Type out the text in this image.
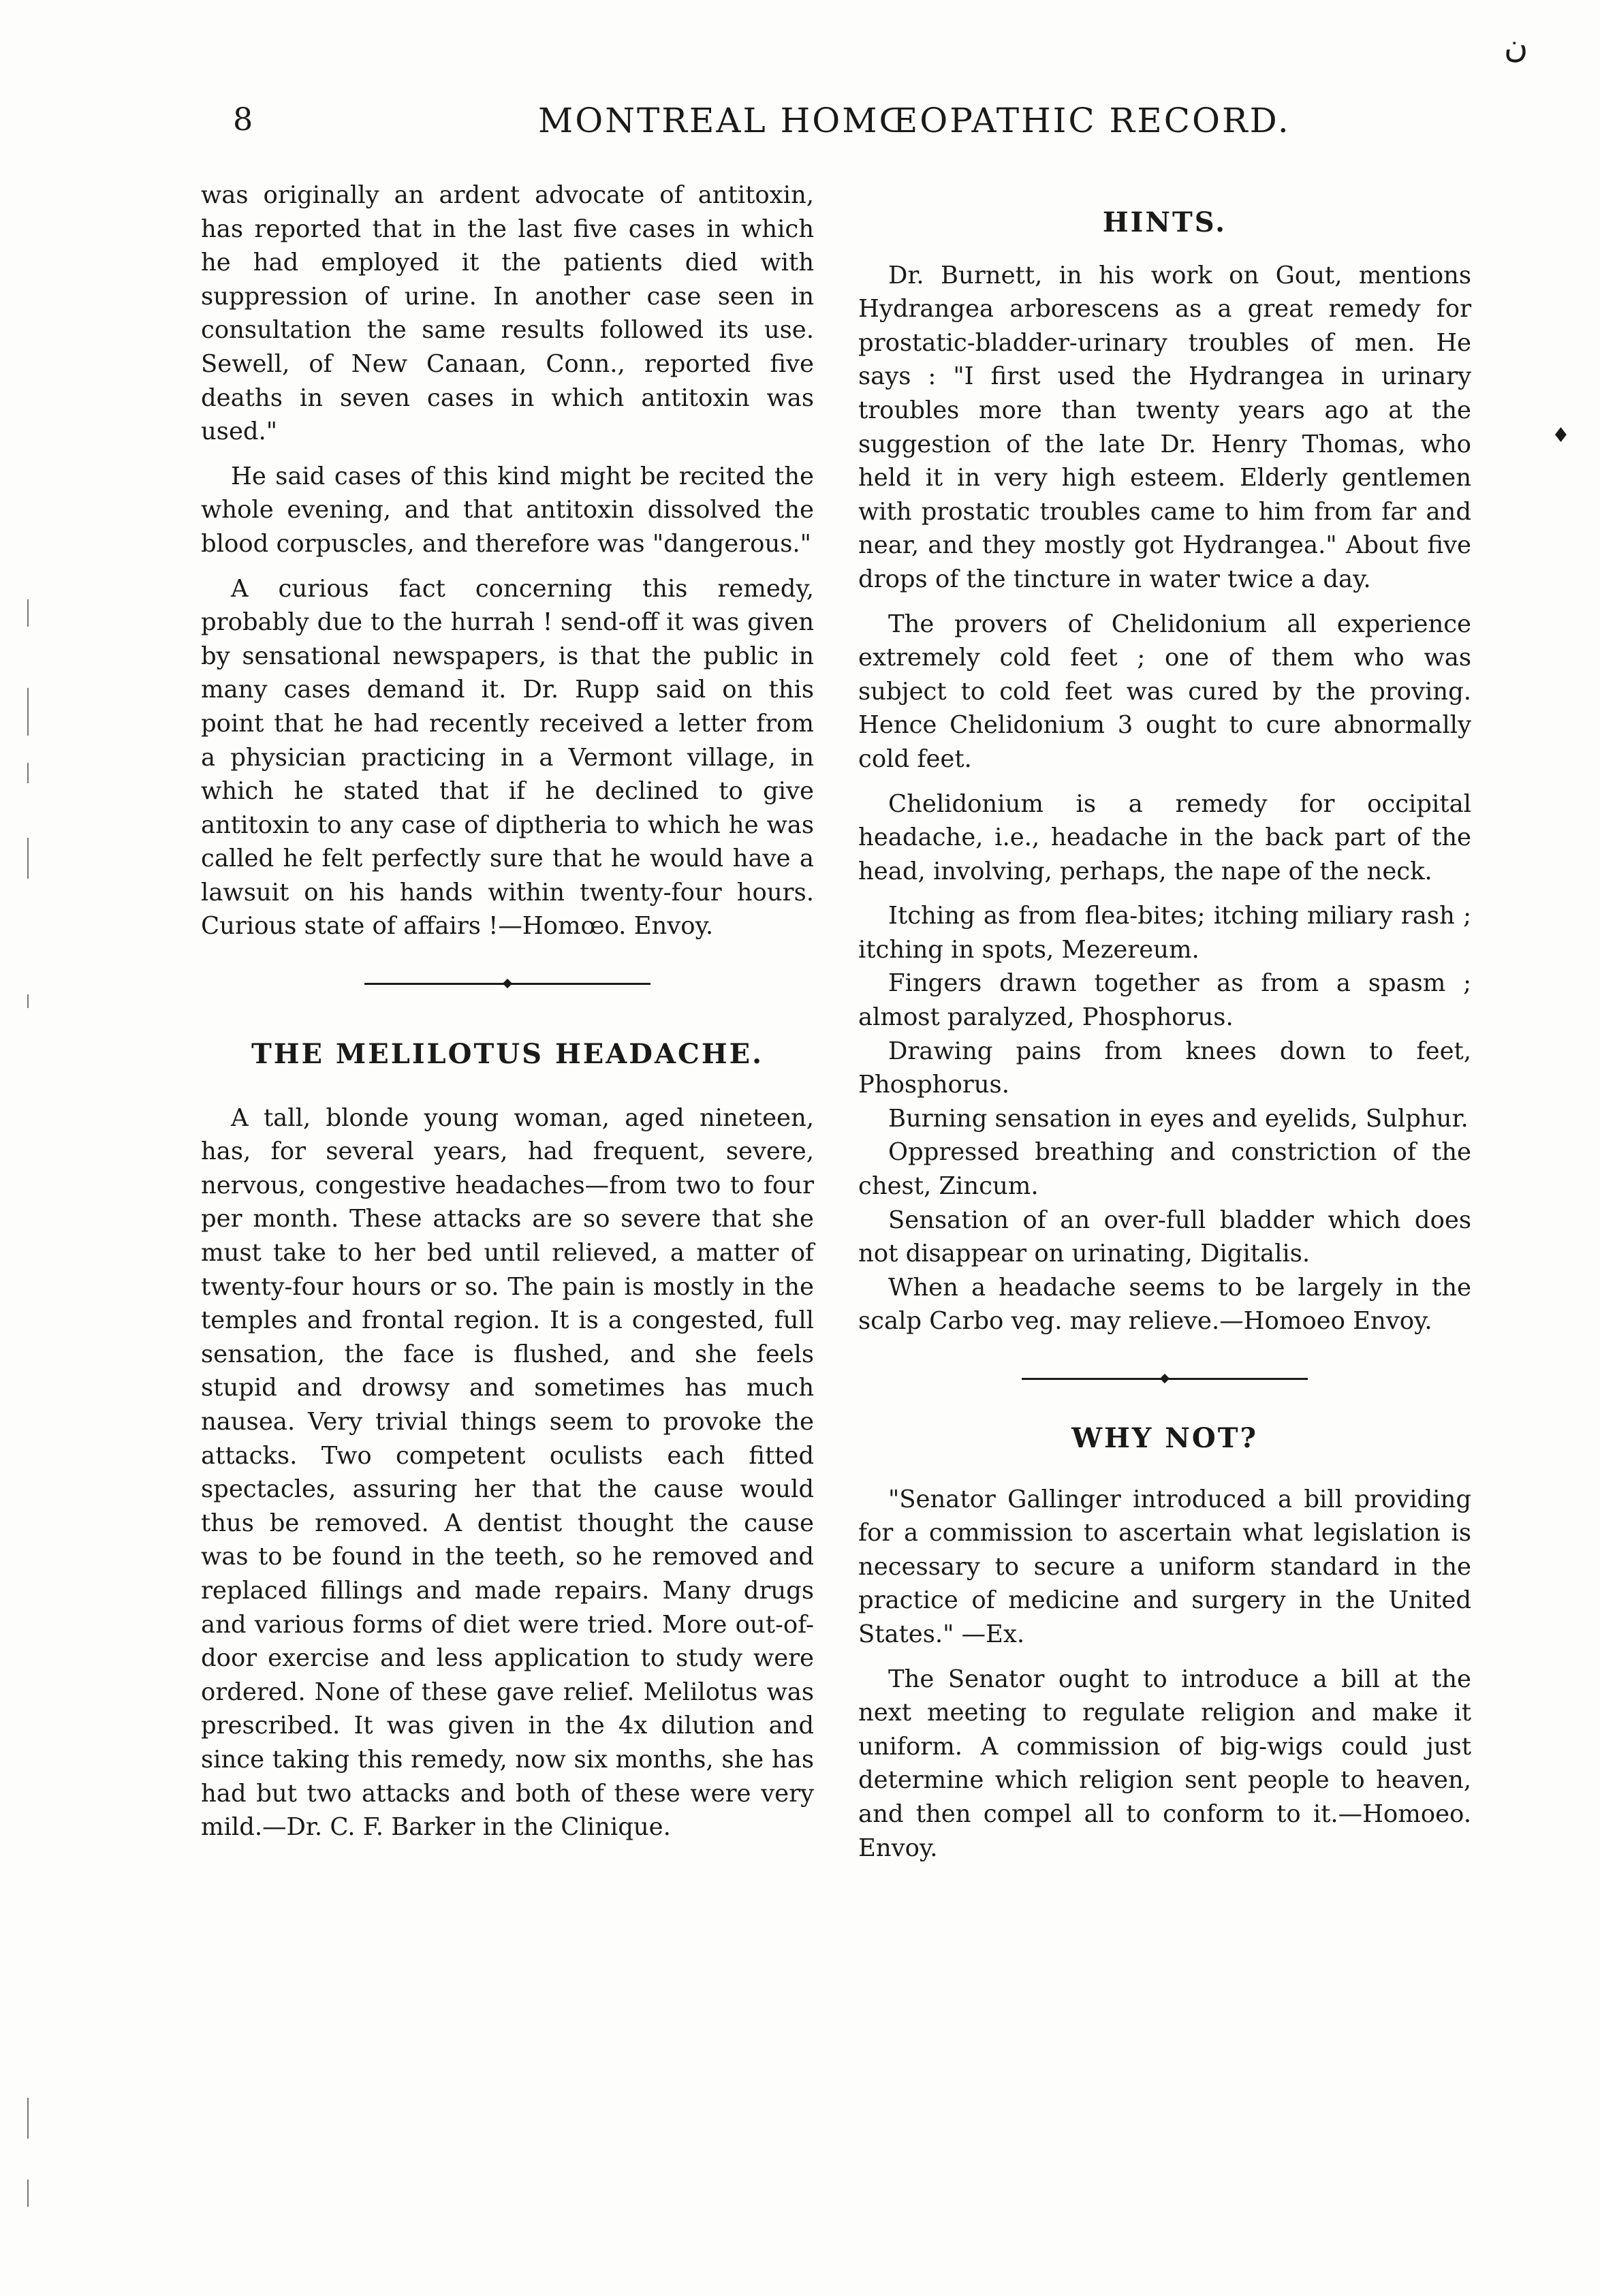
8	MONTREAL HOMŒOPATHIC RECORD.
ن
♦

was originally an ardent advocate of antitoxin, has reported that in the last five cases in which he had employed it the patients died with suppression of urine. In another case seen in consultation the same results followed its use. Sewell, of New Canaan, Conn., reported five deaths in seven cases in which antitoxin was used."

He said cases of this kind might be recited the whole evening, and that antitoxin dissolved the blood corpuscles, and therefore was "dangerous."

A curious fact concerning this remedy, probably due to the hurrah ! send-off it was given by sensational newspapers, is that the public in many cases demand it. Dr. Rupp said on this point that he had recently received a letter from a physician practicing in a Vermont village, in which he stated that if he declined to give antitoxin to any case of diptheria to which he was called he felt perfectly sure that he would have a lawsuit on his hands within twenty-four hours. Curious state of affairs !—Homœo. Envoy.

THE MELILOTUS HEADACHE.

A tall, blonde young woman, aged nineteen, has, for several years, had frequent, severe, nervous, congestive headaches—from two to four per month. These attacks are so severe that she must take to her bed until relieved, a matter of twenty-four hours or so. The pain is mostly in the temples and frontal region. It is a congested, full sensation, the face is flushed, and she feels stupid and drowsy and sometimes has much nausea. Very trivial things seem to provoke the attacks. Two competent oculists each fitted spectacles, assuring her that the cause would thus be removed. A dentist thought the cause was to be found in the teeth, so he removed and replaced fillings and made repairs. Many drugs and various forms of diet were tried. More out-of-door exercise and less application to study were ordered. None of these gave relief. Melilotus was prescribed. It was given in the 4x dilution and since taking this remedy, now six months, she has had but two attacks and both of these were very mild.—Dr. C. F. Barker in the Clinique.

HINTS.

Dr. Burnett, in his work on Gout, mentions Hydrangea arborescens as a great remedy for prostatic-bladder-urinary troubles of men. He says : "I first used the Hydrangea in urinary troubles more than twenty years ago at the suggestion of the late Dr. Henry Thomas, who held it in very high esteem. Elderly gentlemen with prostatic troubles came to him from far and near, and they mostly got Hydrangea." About five drops of the tincture in water twice a day.

The provers of Chelidonium all experience extremely cold feet ; one of them who was subject to cold feet was cured by the proving. Hence Chelidonium 3 ought to cure abnormally cold feet.

Chelidonium is a remedy for occipital headache, i.e., headache in the back part of the head, involving, perhaps, the nape of the neck.

Itching as from flea-bites; itching miliary rash ; itching in spots, Mezereum.

Fingers drawn together as from a spasm ; almost paralyzed, Phosphorus.

Drawing pains from knees down to feet, Phosphorus.

Burning sensation in eyes and eyelids, Sulphur.

Oppressed breathing and constriction of the chest, Zincum.

Sensation of an over-full bladder which does not disappear on urinating, Digitalis.

When a headache seems to be largely in the scalp Carbo veg. may relieve.—Homoeo Envoy.

WHY NOT?

"Senator Gallinger introduced a bill providing for a commission to ascertain what legislation is necessary to secure a uniform standard in the practice of medicine and surgery in the United States." —Ex.

The Senator ought to introduce a bill at the next meeting to regulate religion and make it uniform. A commission of big-wigs could just determine which religion sent people to heaven, and then compel all to conform to it.—Homoeo. Envoy.
